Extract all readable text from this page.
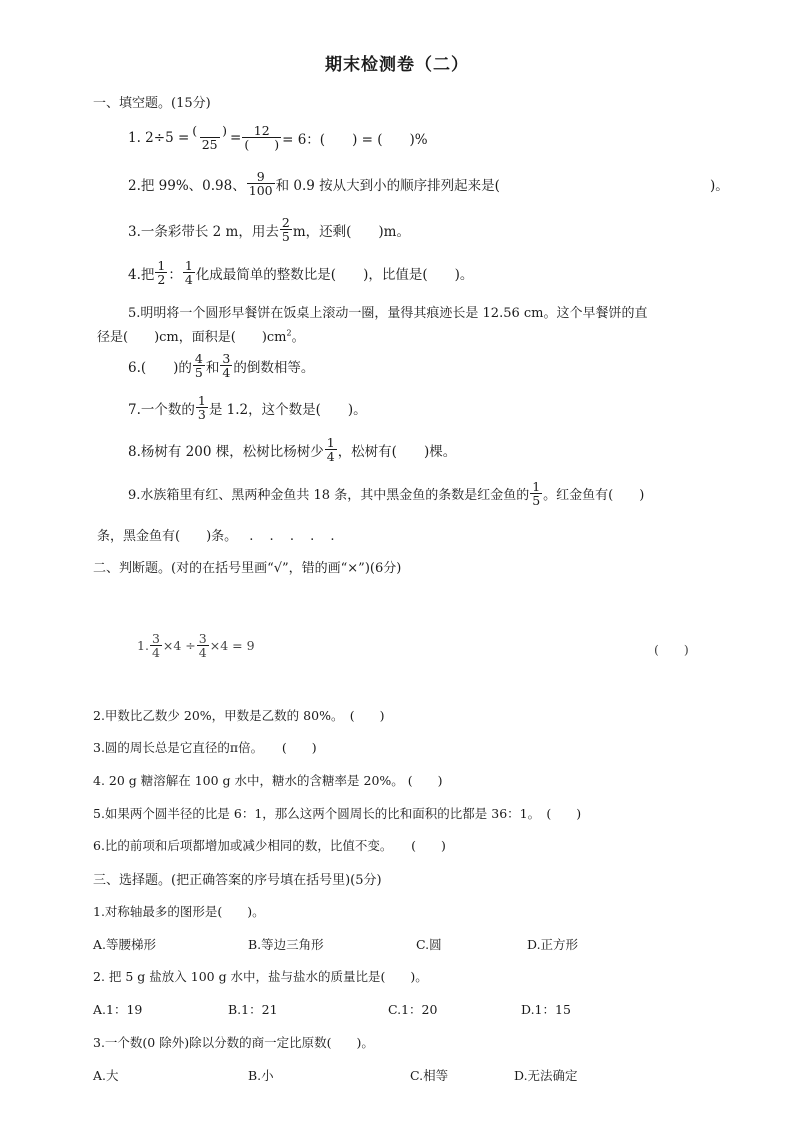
期末检测卷（二）
一、填空题。(15分)
1. $2\div 5 = \frac{( )}{25} = \frac{12}{( )} = 6$：(　　) = (　　)%
2.把 99%、0.98、 $\frac{9}{100}$ 和 0.9 按从大到小的顺序排列起来是(	)。
3.一条彩带长 2 m，用去 $\frac{2}{5}$ m，还剩(　　)m。
4.把 $\frac{1}{2}$ ： $\frac{1}{4}$ 化成最简单的整数比是(　　)，比值是(　　)。
5.明明将一个圆形早餐饼在饭桌上滚动一圈，量得其痕迹长是 12.56 cm。这个早餐饼的直
径是(　　)cm，面积是(　　)$cm^2$。
6.(　　)的 $\frac{4}{5}$ 和 $\frac{3}{4}$ 的倒数相等。
7.一个数的 $\frac{1}{3}$ 是 1.2，这个数是(　　)。
8.杨树有 200 棵，松树比杨树少 $\frac{1}{4}$ ，松树有(　　)棵。
9.水族箱里有红、黑两种金鱼共 18 条，其中黑金鱼的条数是红金鱼的 $\frac{1}{5}$ 。红金鱼有(　　)
条，黑金鱼有(　　)条。 . . . . .
二、判断题。(对的在括号里画“√”，错的画“×”)(6分)
1. $\frac{3}{4} \times 4 \div \frac{3}{4} \times 4 = 9$	(　　)
2.甲数比乙数少 20%，甲数是乙数的 80%。　(　　)
3.圆的周长总是它直径的π倍。　　(　　)
4. 20 g 糖溶解在 100 g 水中，糖水的含糖率是 20%。 (　　)
5.如果两个圆半径的比是 6：1，那么这两个圆周长的比和面积的比都是 36：1。　(　　)
6.比的前项和后项都增加或减少相同的数，比值不变。　　(　　)
三、选择题。(把正确答案的序号填在括号里)(5分)
1.对称轴最多的图形是(　　)。
A.等腰梯形	B.等边三角形	C.圆	D.正方形
2. 把 5 g 盐放入 100 g 水中，盐与盐水的质量比是(　　)。
A.1：19	B.1：21	C.1：20	D.1：15
3.一个数(0 除外)除以分数的商一定比原数(　　)。
A.大	B.小	C.相等	D.无法确定
